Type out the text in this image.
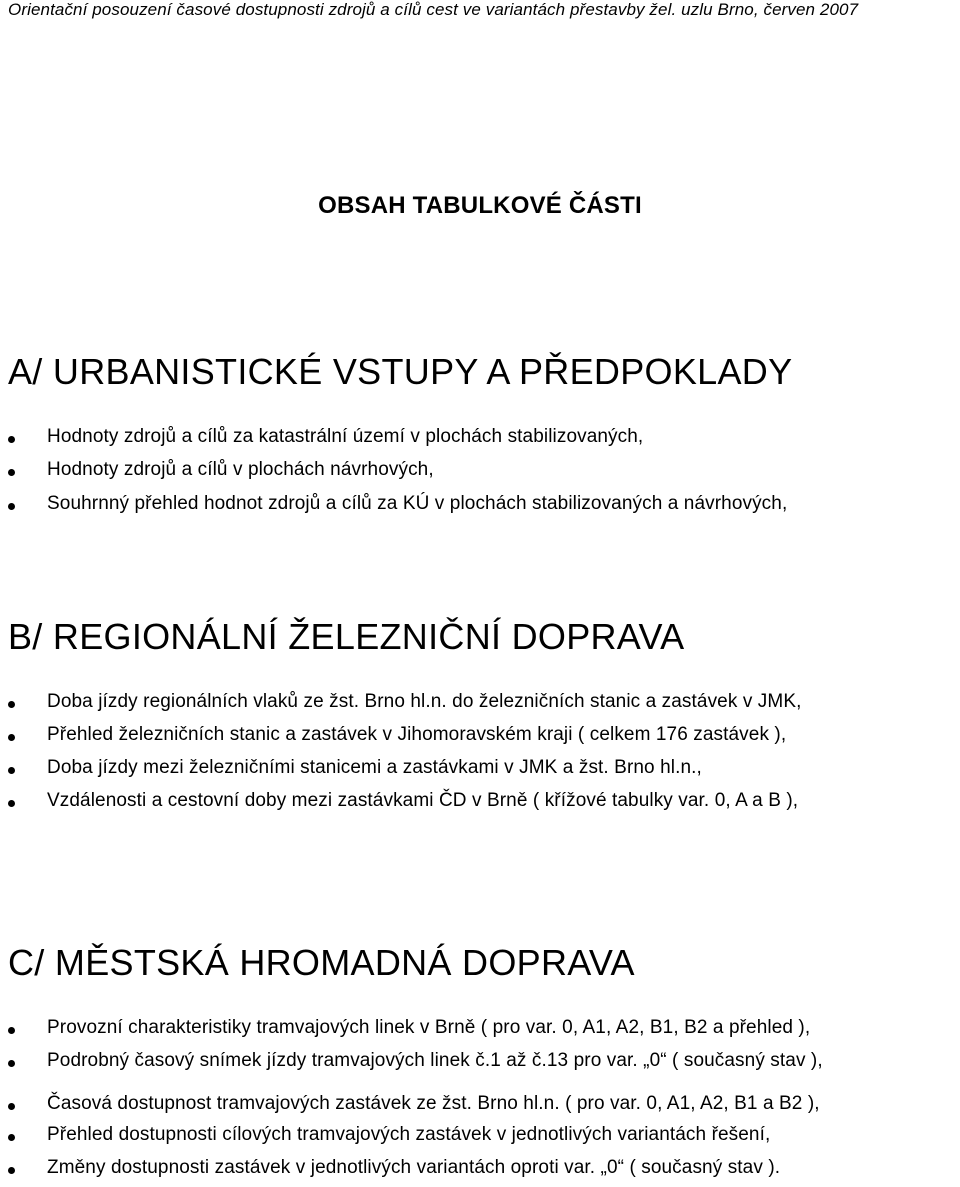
Orientační posouzení časové dostupnosti zdrojů a cílů cest ve variantách přestavby žel. uzlu Brno, červen 2007
OBSAH TABULKOVÉ ČÁSTI
A/ URBANISTICKÉ VSTUPY A PŘEDPOKLADY
Hodnoty zdrojů a cílů za katastrální území v plochách stabilizovaných,
Hodnoty zdrojů a cílů v plochách návrhových,
Souhrnný přehled hodnot zdrojů a cílů za KÚ v plochách stabilizovaných a návrhových,
B/ REGIONÁLNÍ ŽELEZNIČNÍ DOPRAVA
Doba jízdy regionálních vlaků ze žst. Brno hl.n. do železničních stanic a zastávek v JMK,
Přehled železničních stanic a zastávek v Jihomoravském kraji ( celkem 176 zastávek ),
Doba jízdy mezi železničními stanicemi a zastávkami v JMK a žst. Brno hl.n.,
Vzdálenosti a cestovní doby mezi zastávkami ČD v Brně ( křížové tabulky var. 0, A a B ),
C/ MĚSTSKÁ HROMADNÁ DOPRAVA
Provozní charakteristiky tramvajových linek v Brně ( pro var. 0, A1, A2, B1, B2 a přehled ),
Podrobný časový snímek jízdy tramvajových linek č.1 až č.13 pro var. „0“ ( současný stav ),
Časová dostupnost tramvajových zastávek ze žst. Brno hl.n. ( pro var. 0, A1, A2, B1 a B2 ),
Přehled dostupnosti cílových tramvajových zastávek v jednotlivých variantách řešení,
Změny dostupnosti zastávek v jednotlivých variantách oproti var. „0“ ( současný stav ).
